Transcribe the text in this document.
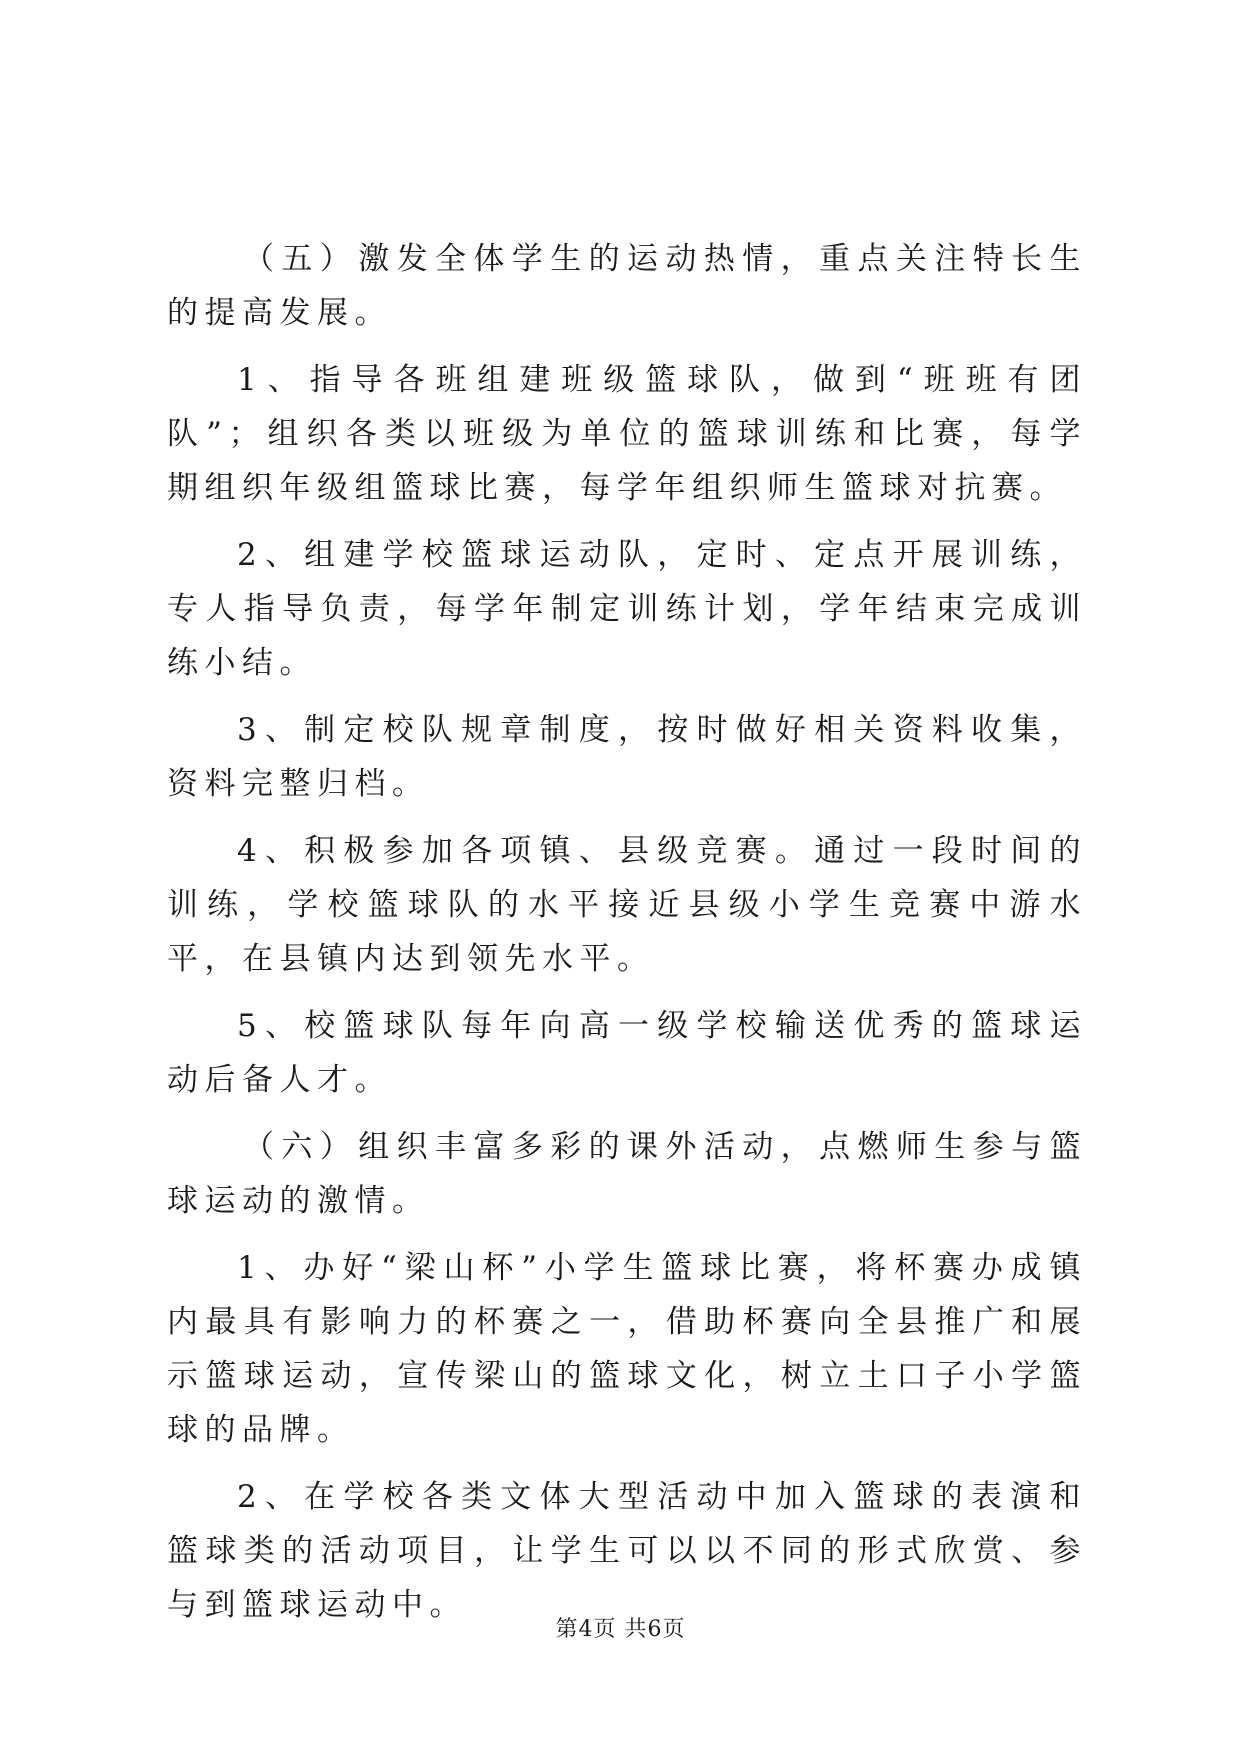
（五）激发全体学生的运动热情，重点关注特长生的提高发展。

1、指导各班组建班级篮球队，做到“班班有团队”；组织各类以班级为单位的篮球训练和比赛，每学期组织年级组篮球比赛，每学年组织师生篮球对抗赛。

2、组建学校篮球运动队，定时、定点开展训练，专人指导负责，每学年制定训练计划，学年结束完成训练小结。

3、制定校队规章制度，按时做好相关资料收集，资料完整归档。

4、积极参加各项镇、县级竞赛。通过一段时间的训练，学校篮球队的水平接近县级小学生竞赛中游水平，在县镇内达到领先水平。

5、校篮球队每年向高一级学校输送优秀的篮球运动后备人才。

（六）组织丰富多彩的课外活动，点燃师生参与篮球运动的激情。

1、办好“梁山杯”小学生篮球比赛，将杯赛办成镇内最具有影响力的杯赛之一，借助杯赛向全县推广和展示篮球运动，宣传梁山的篮球文化，树立土口子小学篮球的品牌。

2、在学校各类文体大型活动中加入篮球的表演和篮球类的活动项目，让学生可以以不同的形式欣赏、参与到篮球运动中。

第4页 共6页
